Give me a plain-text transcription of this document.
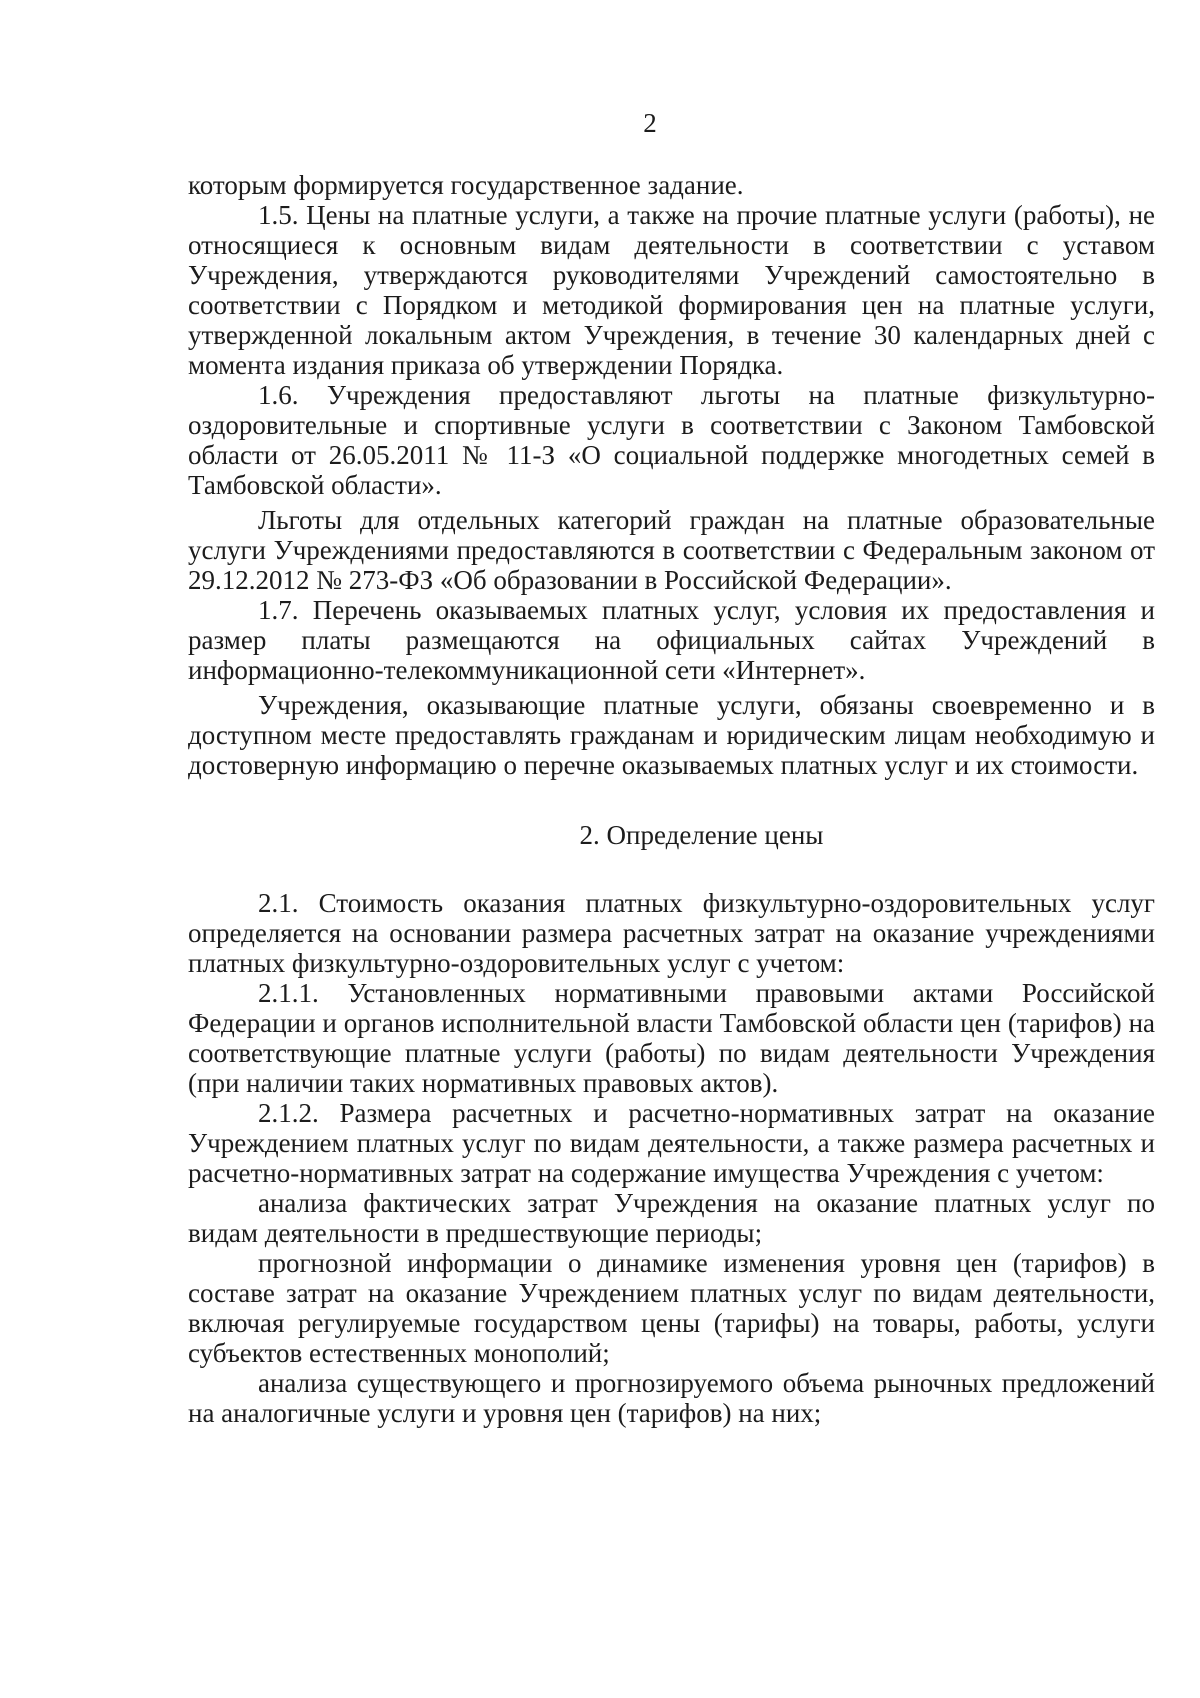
2

которым формируется государственное задание.

1.5. Цены на платные услуги, а также на прочие платные услуги (работы), не относящиеся к основным видам деятельности в соответствии с уставом Учреждения, утверждаются руководителями Учреждений самостоятельно в соответствии с Порядком и методикой формирования цен на платные услуги, утвержденной локальным актом Учреждения, в течение 30 календарных дней с момента издания приказа об утверждении Порядка.

1.6. Учреждения предоставляют льготы на платные физкультурно-оздоровительные и спортивные услуги в соответствии с Законом Тамбовской области от 26.05.2011 № 11-З «О социальной поддержке многодетных семей в Тамбовской области».

Льготы для отдельных категорий граждан на платные образовательные услуги Учреждениями предоставляются в соответствии с Федеральным законом от 29.12.2012 № 273-ФЗ «Об образовании в Российской Федерации».

1.7. Перечень оказываемых платных услуг, условия их предоставления и размер платы размещаются на официальных сайтах Учреждений в информационно-телекоммуникационной сети «Интернет».

Учреждения, оказывающие платные услуги, обязаны своевременно и в доступном месте предоставлять гражданам и юридическим лицам необходимую и достоверную информацию о перечне оказываемых платных услуг и их стоимости.

2. Определение цены

2.1. Стоимость оказания платных физкультурно-оздоровительных услуг определяется на основании размера расчетных затрат на оказание учреждениями платных физкультурно-оздоровительных услуг с учетом:

2.1.1. Установленных нормативными правовыми актами Российской Федерации и органов исполнительной власти Тамбовской области цен (тарифов) на соответствующие платные услуги (работы) по видам деятельности Учреждения (при наличии таких нормативных правовых актов).

2.1.2. Размера расчетных и расчетно-нормативных затрат на оказание Учреждением платных услуг по видам деятельности, а также размера расчетных и расчетно-нормативных затрат на содержание имущества Учреждения с учетом:

анализа фактических затрат Учреждения на оказание платных услуг по видам деятельности в предшествующие периоды;

прогнозной информации о динамике изменения уровня цен (тарифов) в составе затрат на оказание Учреждением платных услуг по видам деятельности, включая регулируемые государством цены (тарифы) на товары, работы, услуги субъектов естественных монополий;

анализа существующего и прогнозируемого объема рыночных предложений на аналогичные услуги и уровня цен (тарифов) на них;
